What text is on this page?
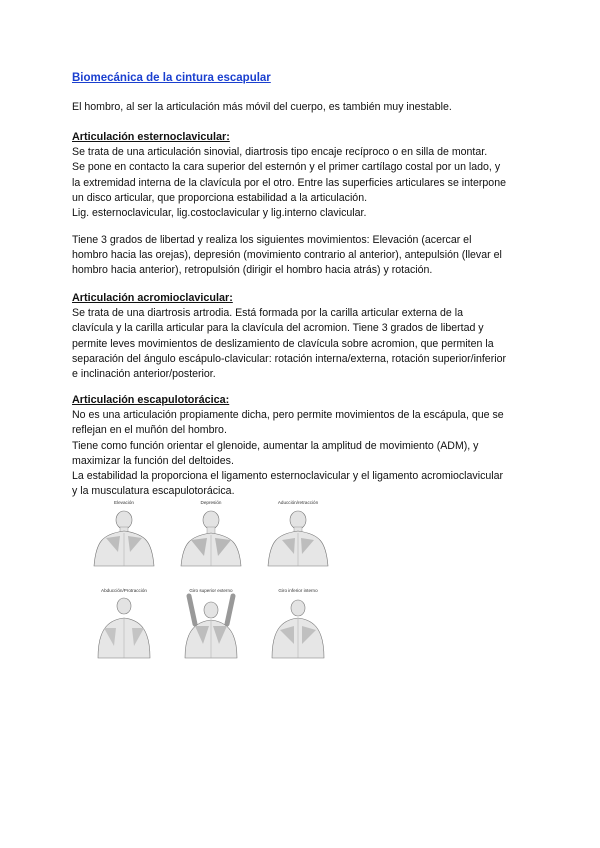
Biomecánica de la cintura escapular

El hombro, al ser la articulación más móvil del cuerpo, es también muy inestable.

Articulación esternoclavicular:

Se trata de una articulación sinovial, diartrosis tipo encaje recíproco o en silla de montar.

Se pone en contacto la cara superior del esternón y el primer cartílago costal por un lado, y

la extremidad interna de la clavícula por el otro. Entre las superficies articulares se interpone

un disco articular, que proporciona estabilidad a la articulación.

Lig. esternoclavicular, lig.costoclavicular y lig.interno clavicular.

Tiene 3 grados de libertad y realiza los siguientes movimientos: Elevación (acercar el

hombro hacia las orejas), depresión (movimiento contrario al anterior), antepulsión (llevar el

hombro hacia anterior), retropulsión (dirigir el hombro hacia atrás) y rotación.

Articulación acromioclavicular:

Se trata de una diartrosis artrodia. Está formada por la carilla articular externa de la

clavícula y la carilla articular para la clavícula del acromion. Tiene 3 grados de libertad y

permite leves movimientos de deslizamiento de clavícula sobre acromion, que permiten la

separación del ángulo escápulo-clavicular: rotación interna/externa, rotación superior/inferior

e inclinación anterior/posterior.

Articulación escapulotorácica:

No es una articulación propiamente dicha, pero permite movimientos de la escápula, que se

reflejan en el muñón del hombro.

Tiene como función orientar el glenoide, aumentar la amplitud de movimiento (ADM), y

maximizar la función del deltoides.

La estabilidad la proporciona el ligamento esternoclavicular y el ligamento acromioclavicular

y la musculatura escapulotorácica.

Elevación	Depresión	Aducción/retracción
Abducción/Protracción	Giro superior externo	Giro inferior interno
